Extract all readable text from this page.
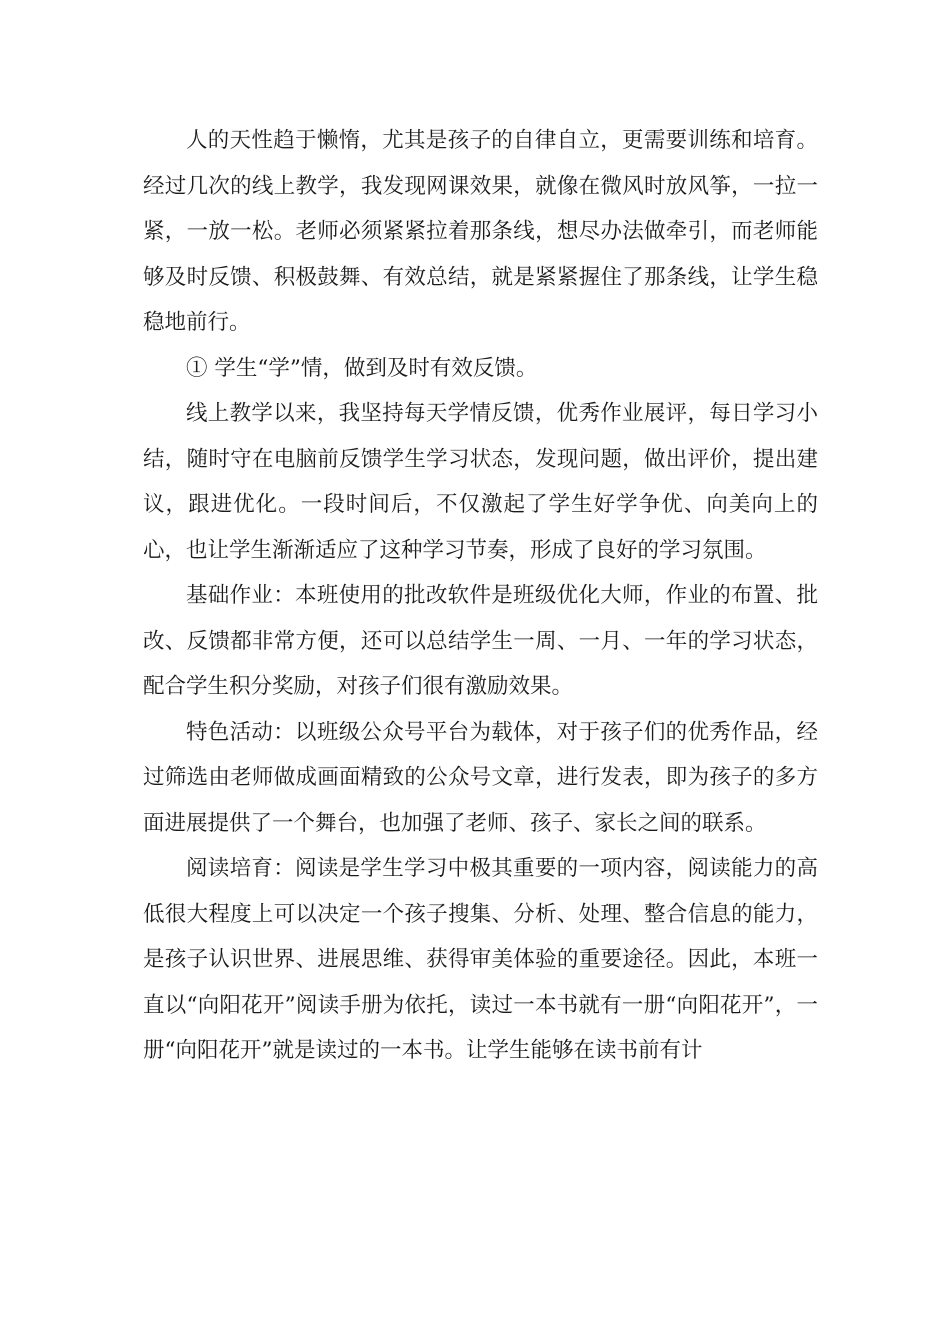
人的天性趋于懒惰，尤其是孩子的自律自立，更需要训练和培育。经过几次的线上教学，我发现网课效果，就像在微风时放风筝，一拉一紧，一放一松。老师必须紧紧拉着那条线，想尽办法做牵引，而老师能够及时反馈、积极鼓舞、有效总结，就是紧紧握住了那条线，让学生稳稳地前行。

① 学生“学”情，做到及时有效反馈。

线上教学以来，我坚持每天学情反馈，优秀作业展评，每日学习小结，随时守在电脑前反馈学生学习状态，发现问题，做出评价，提出建议，跟进优化。一段时间后，不仅激起了学生好学争优、向美向上的心，也让学生渐渐适应了这种学习节奏，形成了良好的学习氛围。

基础作业：本班使用的批改软件是班级优化大师，作业的布置、批改、反馈都非常方便，还可以总结学生一周、一月、一年的学习状态，配合学生积分奖励，对孩子们很有激励效果。

特色活动：以班级公众号平台为载体，对于孩子们的优秀作品，经过筛选由老师做成画面精致的公众号文章，进行发表，即为孩子的多方面进展提供了一个舞台，也加强了老师、孩子、家长之间的联系。

阅读培育：阅读是学生学习中极其重要的一项内容，阅读能力的高低很大程度上可以决定一个孩子搜集、分析、处理、整合信息的能力，是孩子认识世界、进展思维、获得审美体验的重要途径。因此，本班一直以“向阳花开”阅读手册为依托，读过一本书就有一册“向阳花开”，一册“向阳花开”就是读过的一本书。让学生能够在读书前有计
